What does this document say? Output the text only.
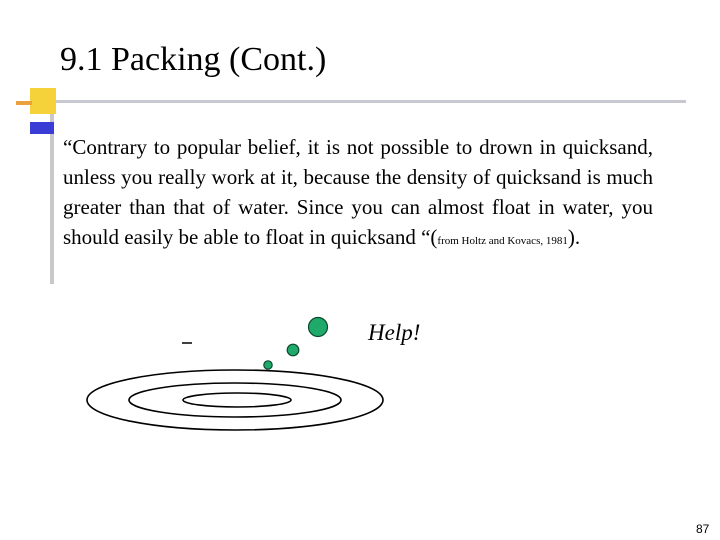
9.1 Packing (Cont.)
“Contrary to popular belief, it is not possible to drown in quicksand, unless you really work at it, because the density of quicksand is much greater than that of water. Since you can almost float in water, you should easily be able to float in quicksand “(from Holtz and Kovacs, 1981).
Help!
87
